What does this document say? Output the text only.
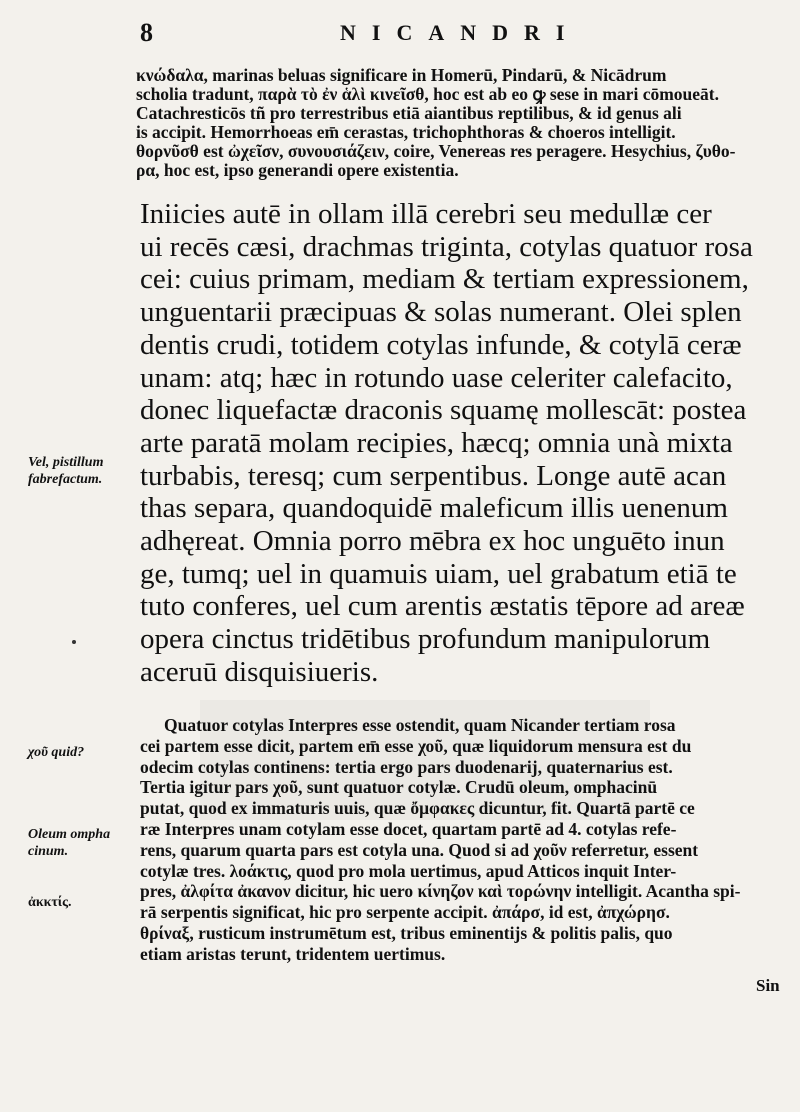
8	NICANDRI
κνώδαλα, marinas beluas significare in Homerū, Pindarū, & Nicādrum
scholia tradunt, παρὰ τὸ ἐν ἁλὶ κινεῖσθ, hoc est ab eo ꝙ sese in mari cōmoueāt.
Catachresticōs tñ pro terrestribus etiā aiantibus reptilibus, & id genus ali
is accipit. Hemorrhoeas em̄ cerastas, trichophthoras & choeros intelligit.
θορνῦσθ est ὠχεῖσν, συνουσιάζειν, coire, Venereas res peragere. Hesychius, ζυθο-
ρα, hoc est, ipso generandi opere existentia.
Iniicies autē in ollam illā cerebri seu medullæ cer
ui recēs cæsi, drachmas triginta, cotylas quatuor rosa
cei: cuius primam, mediam & tertiam expressionem,
unguentarii præcipuas & solas numerant. Olei splen
dentis crudi, totidem cotylas infunde, & cotylā ceræ
unam: atq; hæc in rotundo uase celeriter calefacito,
donec liquefactæ draconis squamę mollescāt: postea
arte paratā molam recipies, hæcq; omnia unà mixta
turbabis, teresq; cum serpentibus. Longe autē acan
thas separa, quandoquidē maleficum illis uenenum
adhęreat. Omnia porro mēbra ex hoc unguēto inun
ge, tumq; uel in quamuis uiam, uel grabatum etiā te
tuto conferes, uel cum arentis æstatis tēpore ad areæ
opera cinctus tridētibus profundum manipulorum
aceruū disquisiueris.
Quatuor cotylas Interpres esse ostendit, quam Nicander tertiam rosa
cei partem esse dicit, partem em̄ esse χοῦ, quæ liquidorum mensura est du
odecim cotylas continens: tertia ergo pars duodenarij, quaternarius est.
Tertia igitur pars χοῦ, sunt quatuor cotylæ. Crudū oleum, omphacinū
putat, quod ex immaturis uuis, quæ ὄμφακες dicuntur, fit. Quartā partē ce
ræ Interpres unam cotylam esse docet, quartam partē ad 4. cotylas refe-
rens, quarum quarta pars est cotyla una. Quod si ad χοῦν referretur, essent
cotylæ tres. λοάκτις, quod pro mola uertimus, apud Atticos inquit Inter-
pres, ἀλφίτα ἀκανον dicitur, hic uero κίνηζον καὶ τορώνην intelligit. Acantha spi-
rā serpentis significat, hic pro serpente accipit. ἀπάρσ, id est, ἀπχώρησ.
θρίναξ, rusticum instrumētum est, tribus eminentijs & politis palis, quo
etiam aristas terunt, tridentem uertimus.
Vel, pistillum fabrefactum.
χοῦ quid?
Oleum ompha cinum.
ἀκκτίς.
Sin
